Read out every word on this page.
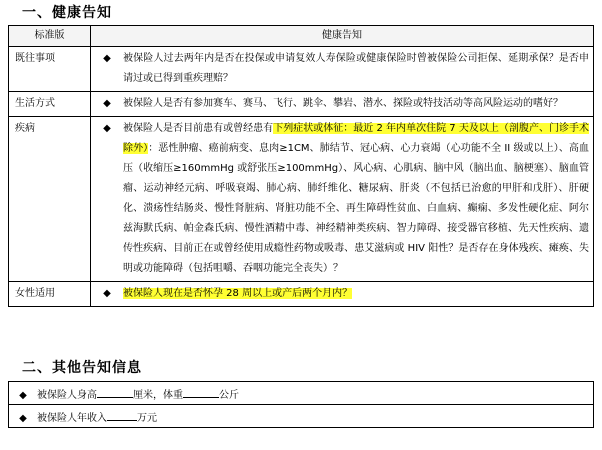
一、健康告知
标准版	健康告知
既往事项	◆ 被保险人过去两年内是否在投保或申请复效人寿保险或健康保险时曾被保险公司拒保、延期承保？是否申请过或已得到重疾理赔？

生活方式	◆ 被保险人是否有参加赛车、赛马、飞行、跳伞、攀岩、潜水、探险或特技活动等高风险运动的嗜好？

疾病	◆ 被保险人是否目前患有或曾经患有下列症状或体征：最近 2 年内单次住院 7 天及以上（剖腹产、门诊手术除外）：恶性肿瘤、癌前病变、息肉≥1CM、肺结节、冠心病、心力衰竭（心功能不全 II 级或以上）、高血压（收缩压≥160mmHg 或舒张压≥100mmHg）、风心病、心肌病、脑中风（脑出血、脑梗塞）、脑血管瘤、运动神经元病、呼吸衰竭、肺心病、肺纤维化、糖尿病、肝炎（不包括已治愈的甲肝和戊肝）、肝硬化、溃疡性结肠炎、慢性肾脏病、肾脏功能不全、再生障碍性贫血、白血病、癫痫、多发性硬化症、阿尔兹海默氏病、帕金森氏病、慢性酒精中毒、神经精神类疾病、智力障碍、接受器官移植、先天性疾病、遗传性疾病、目前正在或曾经使用成瘾性药物或吸毒、患艾滋病或 HIV 阳性？是否存在身体残疾、瘫痪、失明或功能障碍（包括咀嚼、吞咽功能完全丧失）？

女性适用	◆ 被保险人现在是否怀孕 28 周以上或产后两个月内？
二、其他告知信息
◆ 被保险人身高	厘米，体重	公斤
◆ 被保险人年收入	万元
